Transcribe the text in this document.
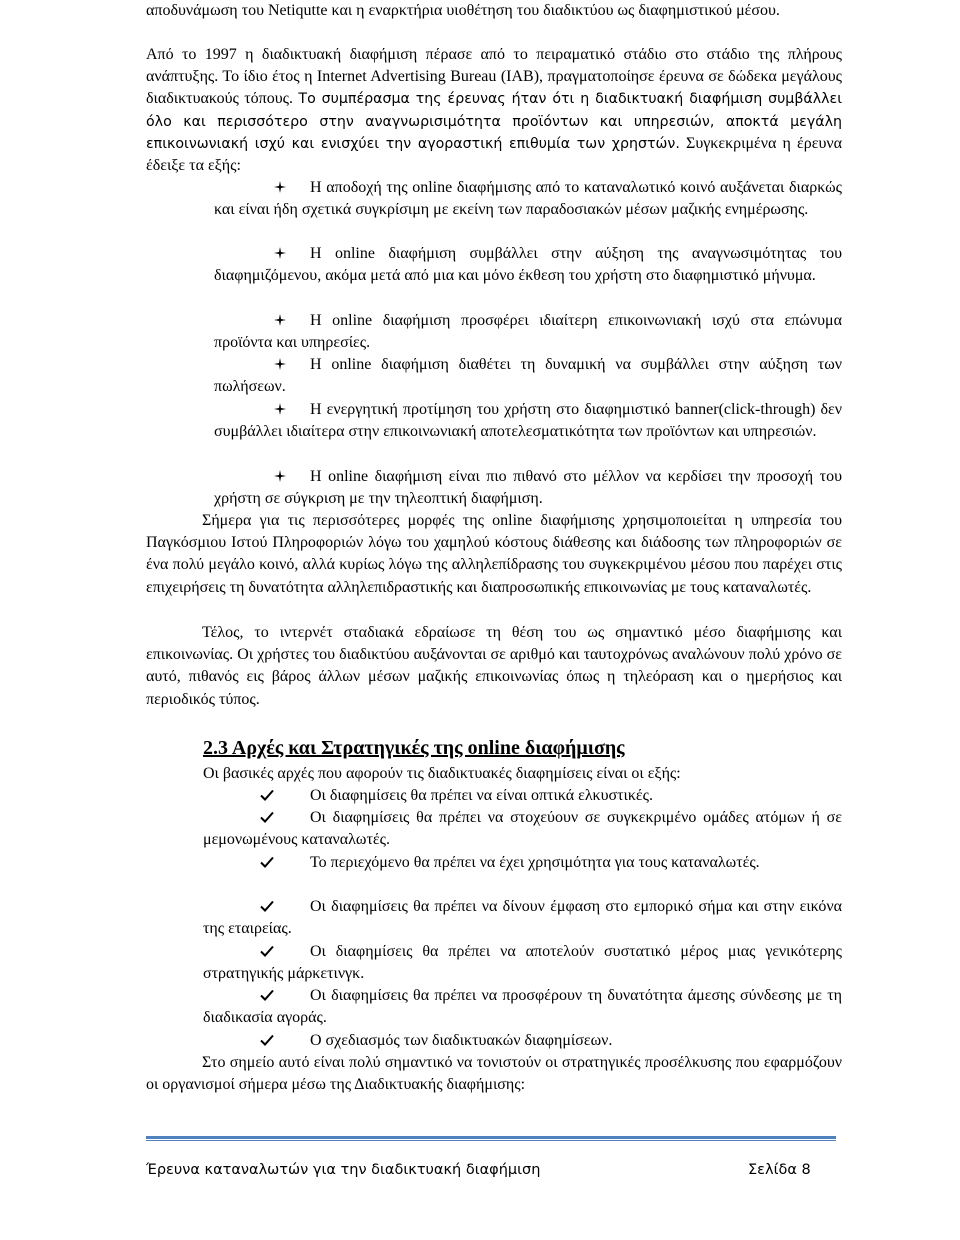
αποδυνάμωση του Netiqutte και η εναρκτήρια υιοθέτηση του διαδικτύου ως διαφημιστικού μέσου.
Από το 1997 η διαδικτυακή διαφήμιση πέρασε από το πειραματικό στάδιο στο στάδιο της πλήρους ανάπτυξης. Το ίδιο έτος η Internet Advertising Bureau (IAB), πραγματοποίησε έρευνα σε δώδεκα μεγάλους διαδικτυακούς τόπους. Το συμπέρασμα της έρευνας ήταν ότι η διαδικτυακή διαφήμιση συμβάλλει όλο και περισσότερο στην αναγνωρισιμότητα προϊόντων και υπηρεσιών, αποκτά μεγάλη επικοινωνιακή ισχύ και ενισχύει την αγοραστική επιθυμία των χρηστών. Συγκεκριμένα η έρευνα έδειξε τα εξής:
Η αποδοχή της online διαφήμισης από το καταναλωτικό κοινό αυξάνεται διαρκώς και είναι ήδη σχετικά συγκρίσιμη με εκείνη των παραδοσιακών μέσων μαζικής ενημέρωσης.
Η online διαφήμιση συμβάλλει στην αύξηση της αναγνωσιμότητας του διαφημιζόμενου, ακόμα μετά από μια και μόνο έκθεση του χρήστη στο διαφημιστικό μήνυμα.
Η online διαφήμιση προσφέρει ιδιαίτερη επικοινωνιακή ισχύ στα επώνυμα προϊόντα και υπηρεσίες.
Η online διαφήμιση διαθέτει τη δυναμική να συμβάλλει στην αύξηση των πωλήσεων.
Η ενεργητική προτίμηση του χρήστη στο διαφημιστικό banner(click-through) δεν συμβάλλει ιδιαίτερα στην επικοινωνιακή αποτελεσματικότητα των προϊόντων και υπηρεσιών.
Η online διαφήμιση είναι πιο πιθανό στο μέλλον να κερδίσει την προσοχή του χρήστη σε σύγκριση με την τηλεοπτική διαφήμιση.
Σήμερα για τις περισσότερες μορφές της online διαφήμισης χρησιμοποιείται η υπηρεσία του Παγκόσμιου Ιστού Πληροφοριών λόγω του χαμηλού κόστους διάθεσης και διάδοσης των πληροφοριών σε ένα πολύ μεγάλο κοινό, αλλά κυρίως λόγω της αλληλεπίδρασης του συγκεκριμένου μέσου που παρέχει στις επιχειρήσεις τη δυνατότητα αλληλεπιδραστικής και διαπροσωπικής επικοινωνίας με τους καταναλωτές.
Τέλος, το ιντερνέτ σταδιακά εδραίωσε τη θέση του ως σημαντικό μέσο διαφήμισης και επικοινωνίας. Οι χρήστες του διαδικτύου αυξάνονται σε αριθμό και ταυτοχρόνως αναλώνουν πολύ χρόνο σε αυτό, πιθανός εις βάρος άλλων μέσων μαζικής επικοινωνίας όπως η τηλεόραση και ο ημερήσιος και περιοδικός τύπος.
2.3 Αρχές και Στρατηγικές της online διαφήμισης
Οι βασικές αρχές που αφορούν τις διαδικτυακές διαφημίσεις είναι οι εξής:
Οι διαφημίσεις θα πρέπει να είναι οπτικά ελκυστικές.
Οι διαφημίσεις θα πρέπει να στοχεύουν σε συγκεκριμένο ομάδες ατόμων ή σε μεμονωμένους καταναλωτές.
Το περιεχόμενο θα πρέπει να έχει χρησιμότητα για τους καταναλωτές.
Οι διαφημίσεις θα πρέπει να δίνουν έμφαση στο εμπορικό σήμα και στην εικόνα της εταιρείας.
Οι διαφημίσεις θα πρέπει να αποτελούν συστατικό μέρος μιας γενικότερης στρατηγικής μάρκετινγκ.
Οι διαφημίσεις θα πρέπει να προσφέρουν τη δυνατότητα άμεσης σύνδεσης με τη διαδικασία αγοράς.
Ο σχεδιασμός των διαδικτυακών διαφημίσεων.
Στο σημείο αυτό είναι πολύ σημαντικό να τονιστούν οι στρατηγικές προσέλκυσης που εφαρμόζουν οι οργανισμοί σήμερα μέσω της Διαδικτυακής διαφήμισης:
Έρευνα καταναλωτών για την διαδικτυακή διαφήμιση	Σελίδα 8
